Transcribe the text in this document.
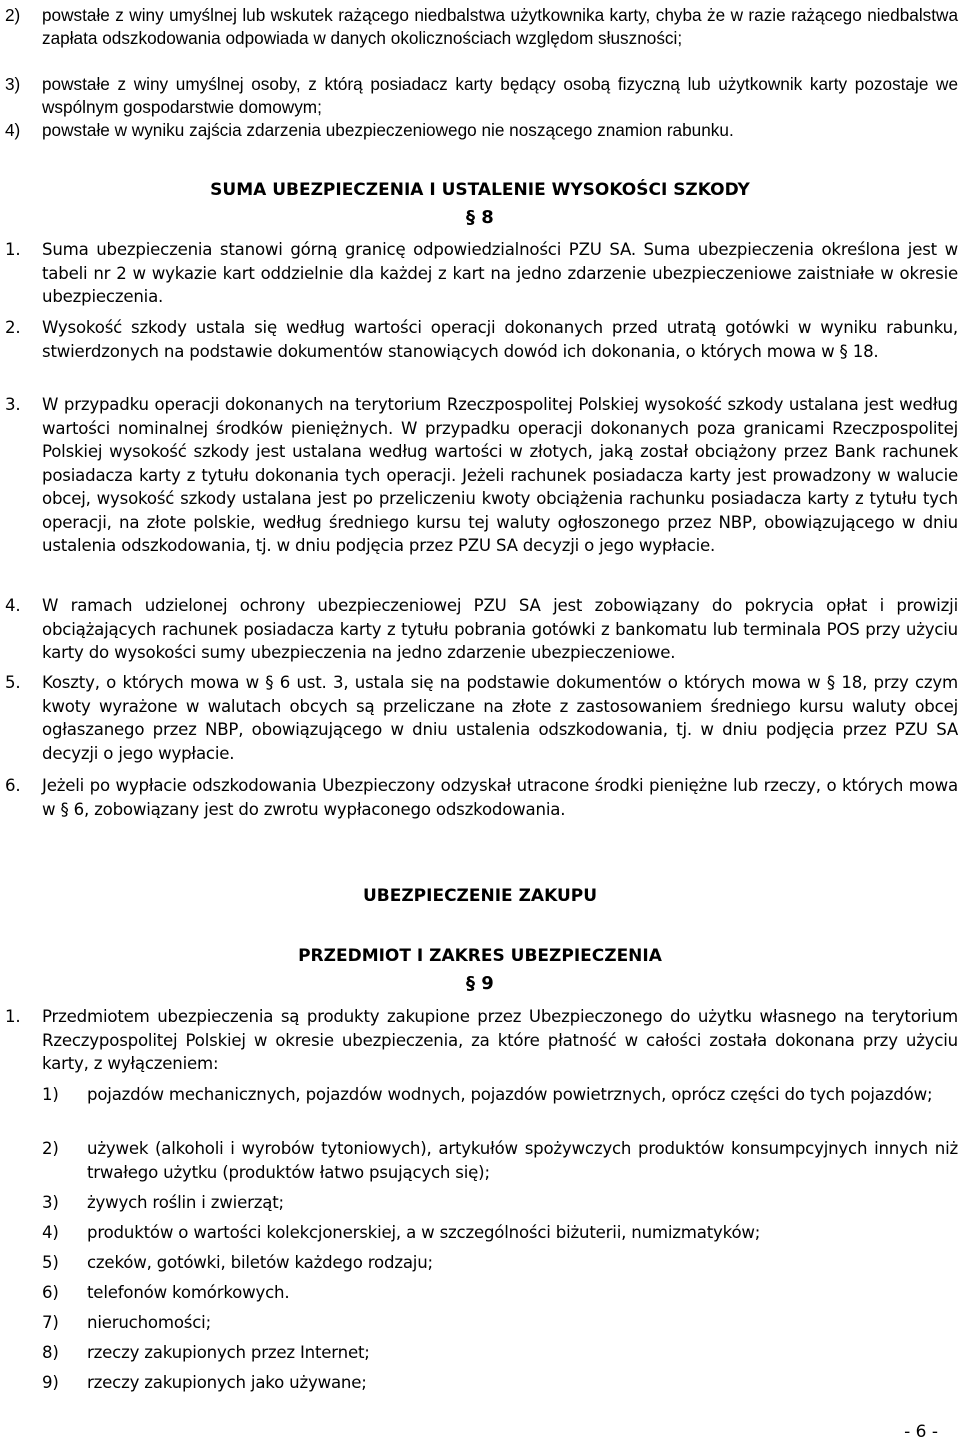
2) powstałe z winy umyślnej lub wskutek rażącego niedbalstwa użytkownika karty, chyba że w razie rażącego niedbalstwa zapłata odszkodowania odpowiada w danych okolicznościach względom słuszności;
3) powstałe z winy umyślnej osoby, z którą posiadacz karty będący osobą fizyczną lub użytkownik karty pozostaje we wspólnym gospodarstwie domowym;
4) powstałe w wyniku zajścia zdarzenia ubezpieczeniowego nie noszącego znamion rabunku.
SUMA UBEZPIECZENIA I USTALENIE WYSOKOŚCI SZKODY
§ 8
1. Suma ubezpieczenia stanowi górną granicę odpowiedzialności PZU SA. Suma ubezpieczenia określona jest w tabeli nr 2 w wykazie kart oddzielnie dla każdej z kart na jedno zdarzenie ubezpieczeniowe zaistniałe w okresie ubezpieczenia.
2. Wysokość szkody ustala się według wartości operacji dokonanych przed utratą gotówki w wyniku rabunku, stwierdzonych na podstawie dokumentów stanowiących dowód ich dokonania, o których mowa w § 18.
3. W przypadku operacji dokonanych na terytorium Rzeczpospolitej Polskiej wysokość szkody ustalana jest według wartości nominalnej środków pieniężnych. W przypadku operacji dokonanych poza granicami Rzeczpospolitej Polskiej wysokość szkody jest ustalana według wartości w złotych, jaką został obciążony przez Bank rachunek posiadacza karty z tytułu dokonania tych operacji. Jeżeli rachunek posiadacza karty jest prowadzony w walucie obcej, wysokość szkody ustalana jest po przeliczeniu kwoty obciążenia rachunku posiadacza karty z tytułu tych operacji, na złote polskie, według średniego kursu tej waluty ogłoszonego przez NBP, obowiązującego w dniu ustalenia odszkodowania, tj. w dniu podjęcia przez PZU SA decyzji o jego wypłacie.
4. W ramach udzielonej ochrony ubezpieczeniowej PZU SA jest zobowiązany do pokrycia opłat i prowizji obciążających rachunek posiadacza karty z tytułu pobrania gotówki z bankomatu lub terminala POS przy użyciu karty do wysokości sumy ubezpieczenia na jedno zdarzenie ubezpieczeniowe.
5. Koszty, o których mowa w § 6 ust. 3, ustala się na podstawie dokumentów o których mowa w § 18, przy czym kwoty wyrażone w walutach obcych są przeliczane na złote z zastosowaniem średniego kursu waluty obcej ogłaszanego przez NBP, obowiązującego w dniu ustalenia odszkodowania, tj. w dniu podjęcia przez PZU SA decyzji o jego wypłacie.
6. Jeżeli po wypłacie odszkodowania Ubezpieczony odzyskał utracone środki pieniężne lub rzeczy, o których mowa w § 6, zobowiązany jest do zwrotu wypłaconego odszkodowania.
UBEZPIECZENIE ZAKUPU
PRZEDMIOT I ZAKRES UBEZPIECZENIA
§ 9
1. Przedmiotem ubezpieczenia są produkty zakupione przez Ubezpieczonego do użytku własnego na terytorium Rzeczypospolitej Polskiej w okresie ubezpieczenia, za które płatność w całości została dokonana przy użyciu karty, z wyłączeniem:
1) pojazdów mechanicznych, pojazdów wodnych, pojazdów powietrznych, oprócz części do tych pojazdów;
2) używek (alkoholi i wyrobów tytoniowych), artykułów spożywczych produktów konsumpcyjnych innych niż trwałego użytku (produktów łatwo psujących się);
3) żywych roślin i zwierząt;
4) produktów o wartości kolekcjonerskiej, a w szczególności biżuterii, numizmatyków;
5) czeków, gotówki, biletów każdego rodzaju;
6) telefonów komórkowych.
7) nieruchomości;
8) rzeczy zakupionych przez Internet;
9) rzeczy zakupionych jako używane;
- 6 -
